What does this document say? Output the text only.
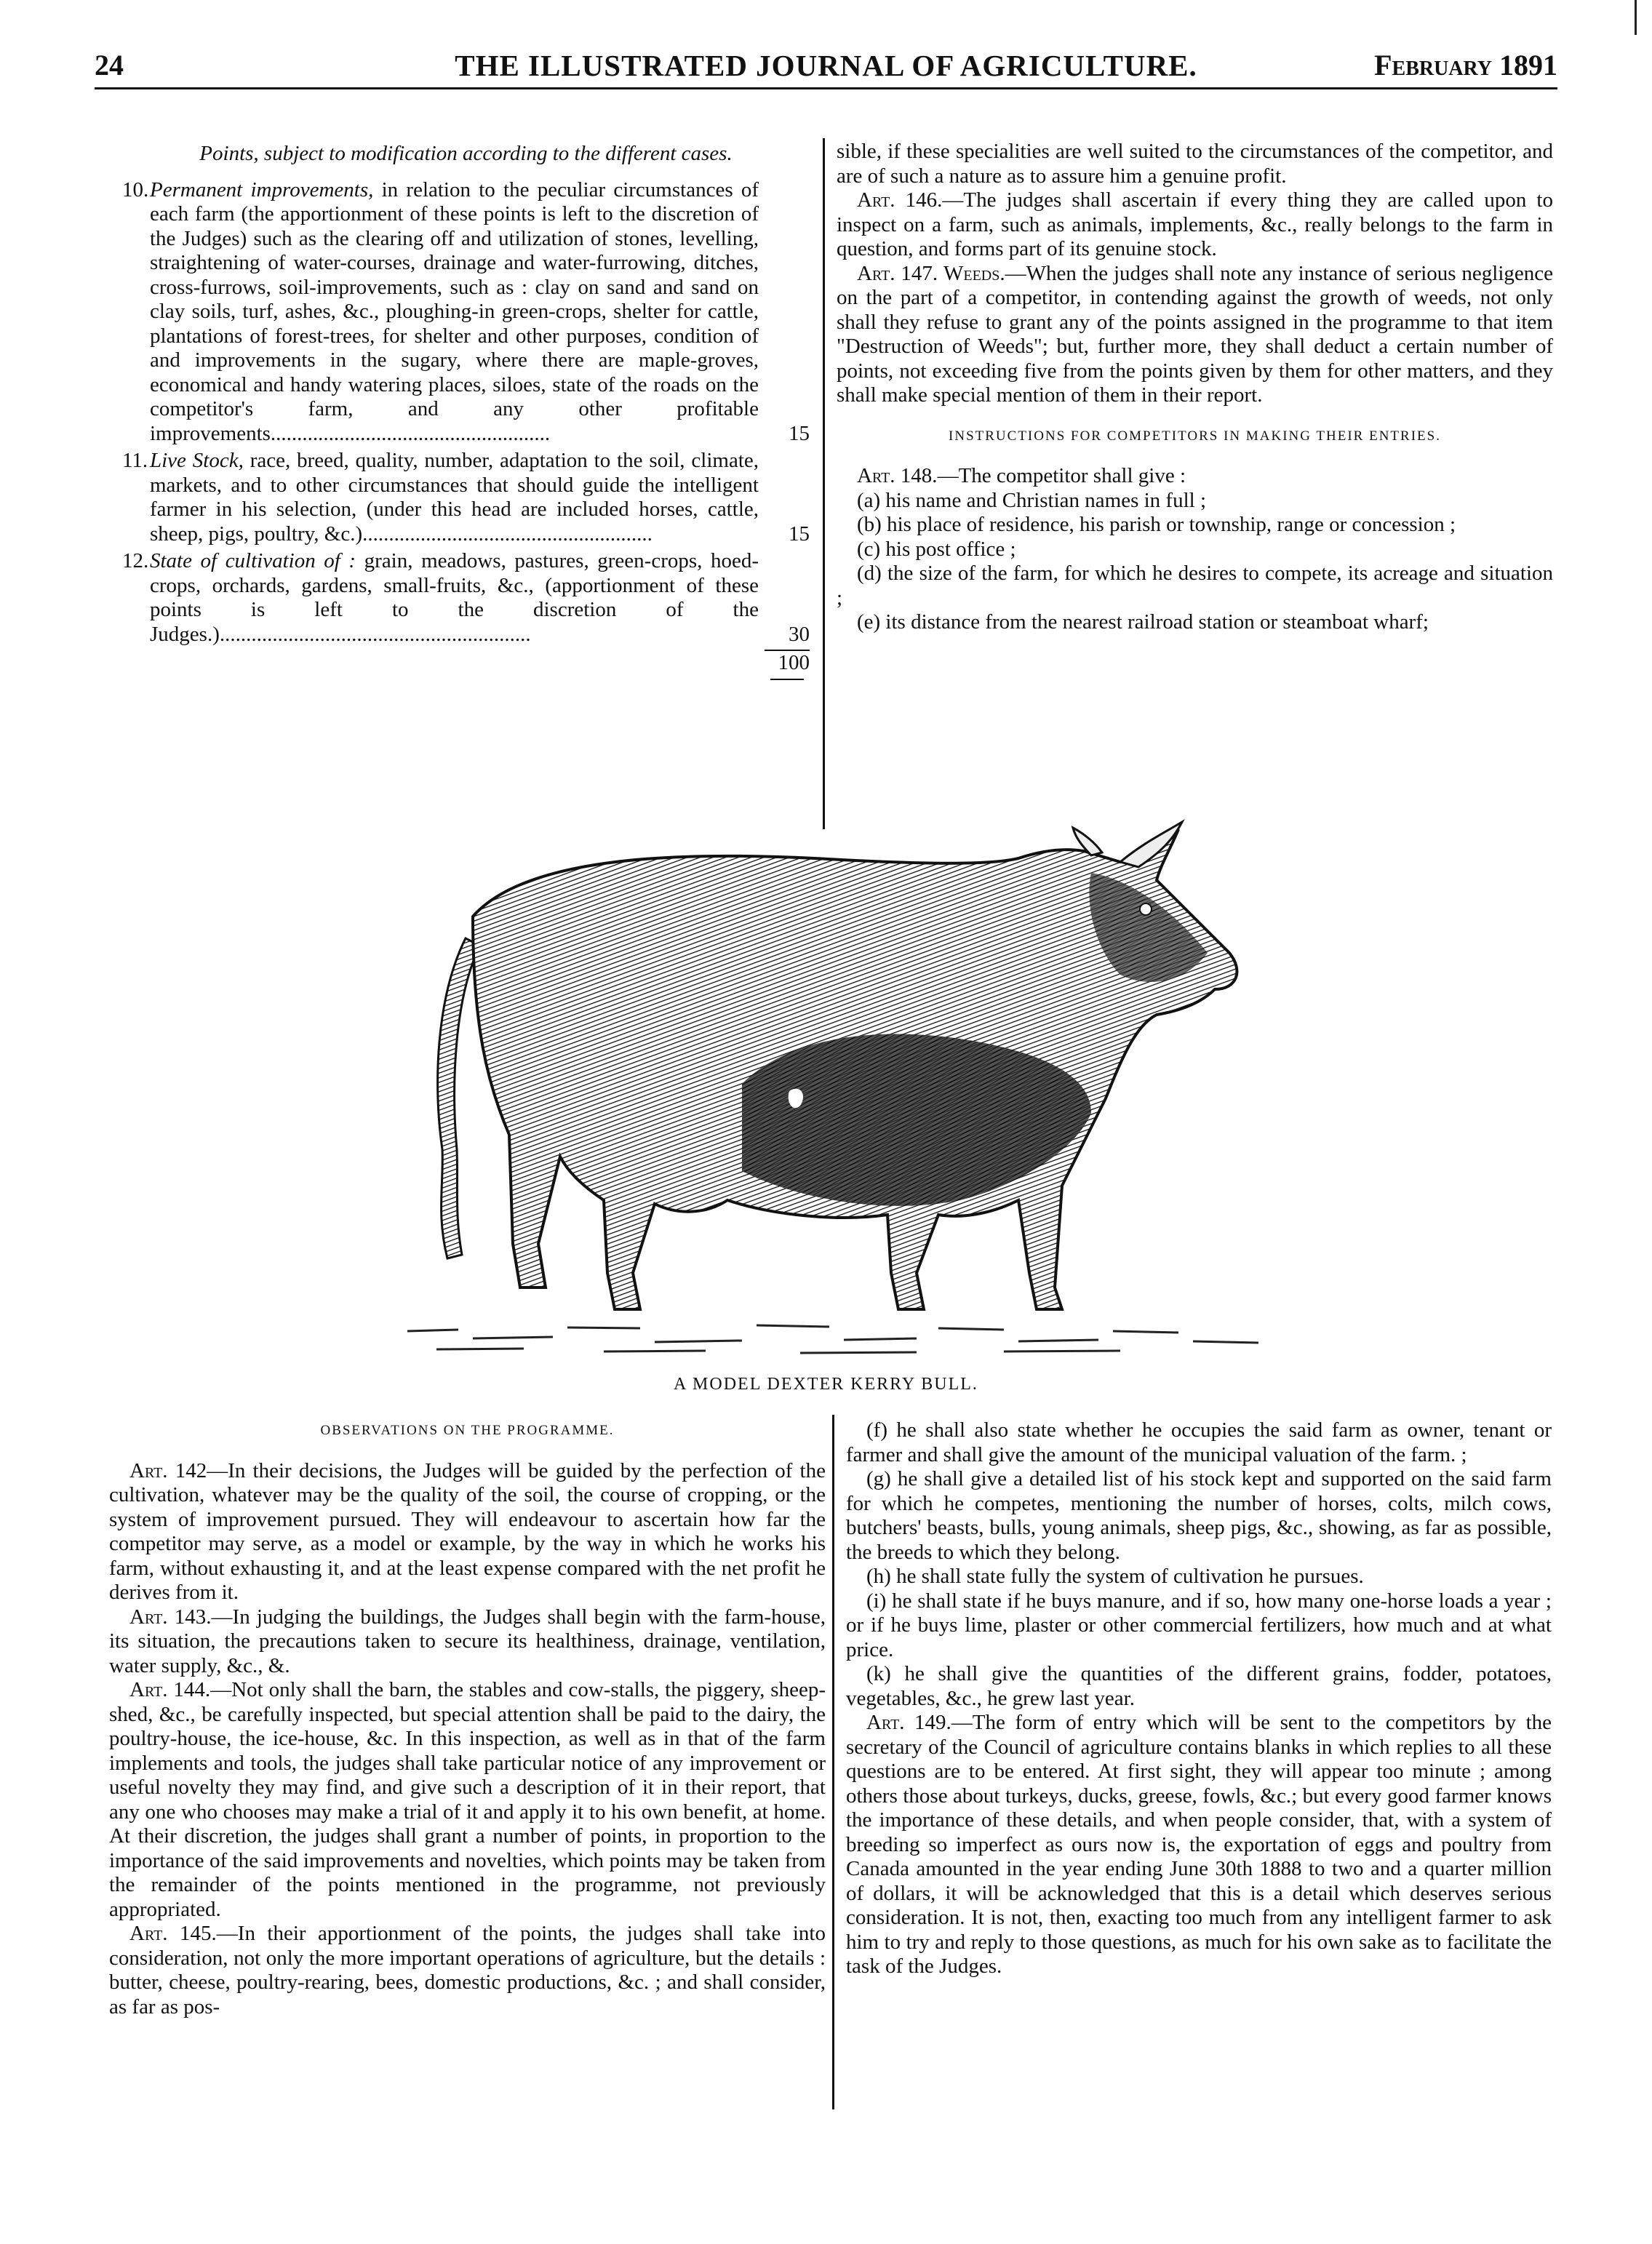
24	THE ILLUSTRATED JOURNAL OF AGRICULTURE.	February 1891
Points, subject to modification according to the different cases.
10. Permanent improvements, in relation to the peculiar circumstances of each farm (the apportionment of these points is left to the discretion of the Judges) such as the clearing off and utilization of stones, levelling, straightening of water-courses, drainage and water-furrowing, ditches, cross-furrows, soil-improvements, such as : clay on sand and sand on clay soils, turf, ashes, &c., ploughing-in green-crops, shelter for cattle, plantations of forest-trees, for shelter and other purposes, condition of and improvements in the sugary, where there are maple-groves, economical and handy watering places, siloes, state of the roads on the competitor's farm, and any other profitable improvements.....................................................	15
11. Live Stock, race, breed, quality, number, adaptation to the soil, climate, markets, and to other circumstances that should guide the intelligent farmer in his selection, (under this head are included horses, cattle, sheep, pigs, poultry, &c.).......................................................	15
12. State of cultivation of : grain, meadows, pastures, green-crops, hoed-crops, orchards, gardens, small-fruits, &c., (apportionment of these points is left to the discretion of the Judges.)...........................................................	30
100

sible, if these specialities are well suited to the circumstances of the competitor, and are of such a nature as to assure him a genuine profit.

Art. 146.—The judges shall ascertain if every thing they are called upon to inspect on a farm, such as animals, implements, &c., really belongs to the farm in question, and forms part of its genuine stock.

Art. 147. Weeds.—When the judges shall note any instance of serious negligence on the part of a competitor, in contending against the growth of weeds, not only shall they refuse to grant any of the points assigned in the programme to that item "Destruction of Weeds"; but, further more, they shall deduct a certain number of points, not exceeding five from the points given by them for other matters, and they shall make special mention of them in their report.

INSTRUCTIONS FOR COMPETITORS IN MAKING THEIR ENTRIES.

Art. 148.—The competitor shall give :

(a) his name and Christian names in full ;

(b) his place of residence, his parish or township, range or concession ;

(c) his post office ;

(d) the size of the farm, for which he desires to compete, its acreage and situation ;

(e) its distance from the nearest railroad station or steamboat wharf;

A MODEL DEXTER KERRY BULL.
OBSERVATIONS ON THE PROGRAMME.

Art. 142—In their decisions, the Judges will be guided by the perfection of the cultivation, whatever may be the quality of the soil, the course of cropping, or the system of improvement pursued. They will endeavour to ascertain how far the competitor may serve, as a model or example, by the way in which he works his farm, without exhausting it, and at the least expense compared with the net profit he derives from it.

Art. 143.—In judging the buildings, the Judges shall begin with the farm-house, its situation, the precautions taken to secure its healthiness, drainage, ventilation, water supply, &c., &.

Art. 144.—Not only shall the barn, the stables and cow-stalls, the piggery, sheep-shed, &c., be carefully inspected, but special attention shall be paid to the dairy, the poultry-house, the ice-house, &c. In this inspection, as well as in that of the farm implements and tools, the judges shall take particular notice of any improvement or useful novelty they may find, and give such a description of it in their report, that any one who chooses may make a trial of it and apply it to his own benefit, at home. At their discretion, the judges shall grant a number of points, in proportion to the importance of the said improvements and novelties, which points may be taken from the remainder of the points mentioned in the programme, not previously appropriated.

Art. 145.—In their apportionment of the points, the judges shall take into consideration, not only the more important operations of agriculture, but the details : butter, cheese, poultry-rearing, bees, domestic productions, &c. ; and shall consider, as far as pos-

(f) he shall also state whether he occupies the said farm as owner, tenant or farmer and shall give the amount of the municipal valuation of the farm. ;

(g) he shall give a detailed list of his stock kept and supported on the said farm for which he competes, mentioning the number of horses, colts, milch cows, butchers' beasts, bulls, young animals, sheep pigs, &c., showing, as far as possible, the breeds to which they belong.

(h) he shall state fully the system of cultivation he pursues.

(i) he shall state if he buys manure, and if so, how many one-horse loads a year ; or if he buys lime, plaster or other commercial fertilizers, how much and at what price.

(k) he shall give the quantities of the different grains, fodder, potatoes, vegetables, &c., he grew last year.

Art. 149.—The form of entry which will be sent to the competitors by the secretary of the Council of agriculture contains blanks in which replies to all these questions are to be entered. At first sight, they will appear too minute ; among others those about turkeys, ducks, greese, fowls, &c.; but every good farmer knows the importance of these details, and when people consider, that, with a system of breeding so imperfect as ours now is, the exportation of eggs and poultry from Canada amounted in the year ending June 30th 1888 to two and a quarter million of dollars, it will be acknowledged that this is a detail which deserves serious consideration. It is not, then, exacting too much from any intelligent farmer to ask him to try and reply to those questions, as much for his own sake as to facilitate the task of the Judges.
